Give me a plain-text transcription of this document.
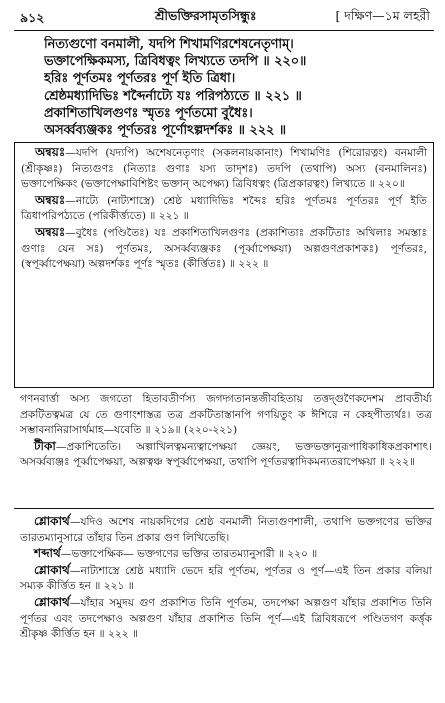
৯১২	শ্রীভক্তিরসামৃতসিন্ধুঃ	[ দক্ষিণ—১ম লহরী
নিত্যগুণো বনমালী, যদপি শিখামণিরশেষনেতৃণাম্।
ভক্তাপেক্ষিকমস্য, ত্রিবিধত্বং লিখ্যতে তদপি ॥ ২২০॥
হরিঃ পূর্ণতমঃ পূর্ণতরঃ পূর্ণ ইতি ত্রিধা।
শ্রেষ্ঠমধ্যাদিভিঃ শব্দৈর্নাট্যে যঃ পরিপঠ্যতে ॥ ২২১ ॥
প্রকাশিতাখিলগুণঃ স্মৃতঃ পূর্ণতমো বুধৈঃ।
অসর্ব্বব্যঞ্জকঃ পূর্ণতরঃ পূর্ণোঽল্পদর্শকঃ ॥ ২২২ ॥

অন্বয়ঃ—যদপি (যদ্যপি) অশেষনেতৃণাং (সকলনায়কানাং) শিখামণিঃ (শিরোরত্নং) বনমালী (শ্রীকৃষ্ণঃ) নিত্যগুণঃ (নিত্যাঃ গুণাঃ যস্য তাদৃশঃ) তদপি (তথাপি) অস্য (বনমালিনঃ) ভক্তাপেক্ষিকং (ভক্তাপেক্ষাবিশিষ্টং ভক্তান্ অপেক্ষ্য) ত্রিবিধত্বং (ত্রিপ্রকারত্বং) লিখ্যতে ॥ ২২০॥

অন্বয়ঃ—নাট্যে (নাট্যশাস্ত্রে) শ্রেষ্ঠ মধ্যাদিভিঃ শব্দৈঃ হরিঃ পূর্ণতমঃ পূর্ণতরঃ পূর্ণ ইতি ত্রিধাপরিপঠ্যতে (পরিকীর্ত্ত্যতে) ॥ ২২১ ॥

অন্বয়ঃ—বুধৈঃ (পণ্ডিতৈঃ) যঃ প্রকাশিতাখিলগুণঃ (প্রকাশিতাঃ প্রকটিতাঃ অখিলাঃ সমস্তাঃ গুণাঃ যেন সঃ) পূর্ণতমঃ, অসর্ব্বব্যঞ্জকঃ (পূর্ব্বাপেক্ষয়া) অল্পগুণপ্রকাশকঃ) পূর্ণতরঃ, (স্বপূর্ব্বাপেক্ষয়া) অল্পদর্শকঃ পূর্ণঃ স্মৃতঃ (কীর্ত্তিতঃ) ॥ ২২২ ॥

গণনবার্ত্তা অস্য জগতো হিতাবতীর্ণস্য জগদ্গতানন্তজীবহিতায় তত্তদ্গুণৈকদেশম প্রাবতীর্য্য প্রকটিতত্বমত্র যে তে গুণাংশাস্তত্র তত্র প্রকটিতাস্তানপি গণয়িতুং ক ঈশিরে ন কেহপীত্যর্থঃ। তত্র সম্ভাবনানিরাসার্থমাহ—যবেতি ॥ ২১৯॥ (২২০-২২১)

টীকা—প্রকাশিতেতি। অল্পাখিলত্বমন্যত্বাপেক্ষয়া জ্ঞেয়ং, ভক্তভক্তানুরূপাধিকাধিকপ্রকাশাৎ। অসর্ব্বব্যঞ্জঃ পূর্ব্বাপেক্ষয়া, অল্পত্বঞ্চ স্বপূর্ব্বাপেক্ষয়া, তথাপি পূর্ণতরত্বাদিকমন্যতরাপেক্ষয়া ॥ ২২২॥

শ্লোকার্থ—যদিও অশেষ নায়কদিগের শ্রেষ্ঠ বনমালী নিত্যগুণশালী, তথাপি ভক্তগণের ভক্তির তারতম্যানুসারে তাঁহার তিন প্রকার গুণ লিখিতেছি।

শব্দার্থ—ভক্তাপেক্ষিক— ভক্তগণের ভক্তির তারতম্যানুসারী ॥ ২২০ ॥

শ্লোকার্থ—নাট্যশাস্ত্রে শ্রেষ্ঠ মধ্যাদি ভেদে হরি পূর্ণতম, পূর্ণতর ও পূর্ণ—এই তিন প্রকার বলিয়া সম্যক কীর্ত্তিত হন ॥ ২২১ ॥

শ্লোকার্থ—যাঁহার সমুদয় গুণ প্রকাশিত তিনি পূর্ণতম, তদপেক্ষা অল্পগুণ যাঁহার প্রকাশিত তিনি পূর্ণতর এবং তদপেক্ষাও অল্পগুণ যাঁহার প্রকাশিত তিনি পূর্ণ—এই ত্রিবিধরূপে পণ্ডিতগণ কর্ত্তৃক শ্রীকৃষ্ণ কীর্ত্তিত হন ॥ ২২২ ॥
